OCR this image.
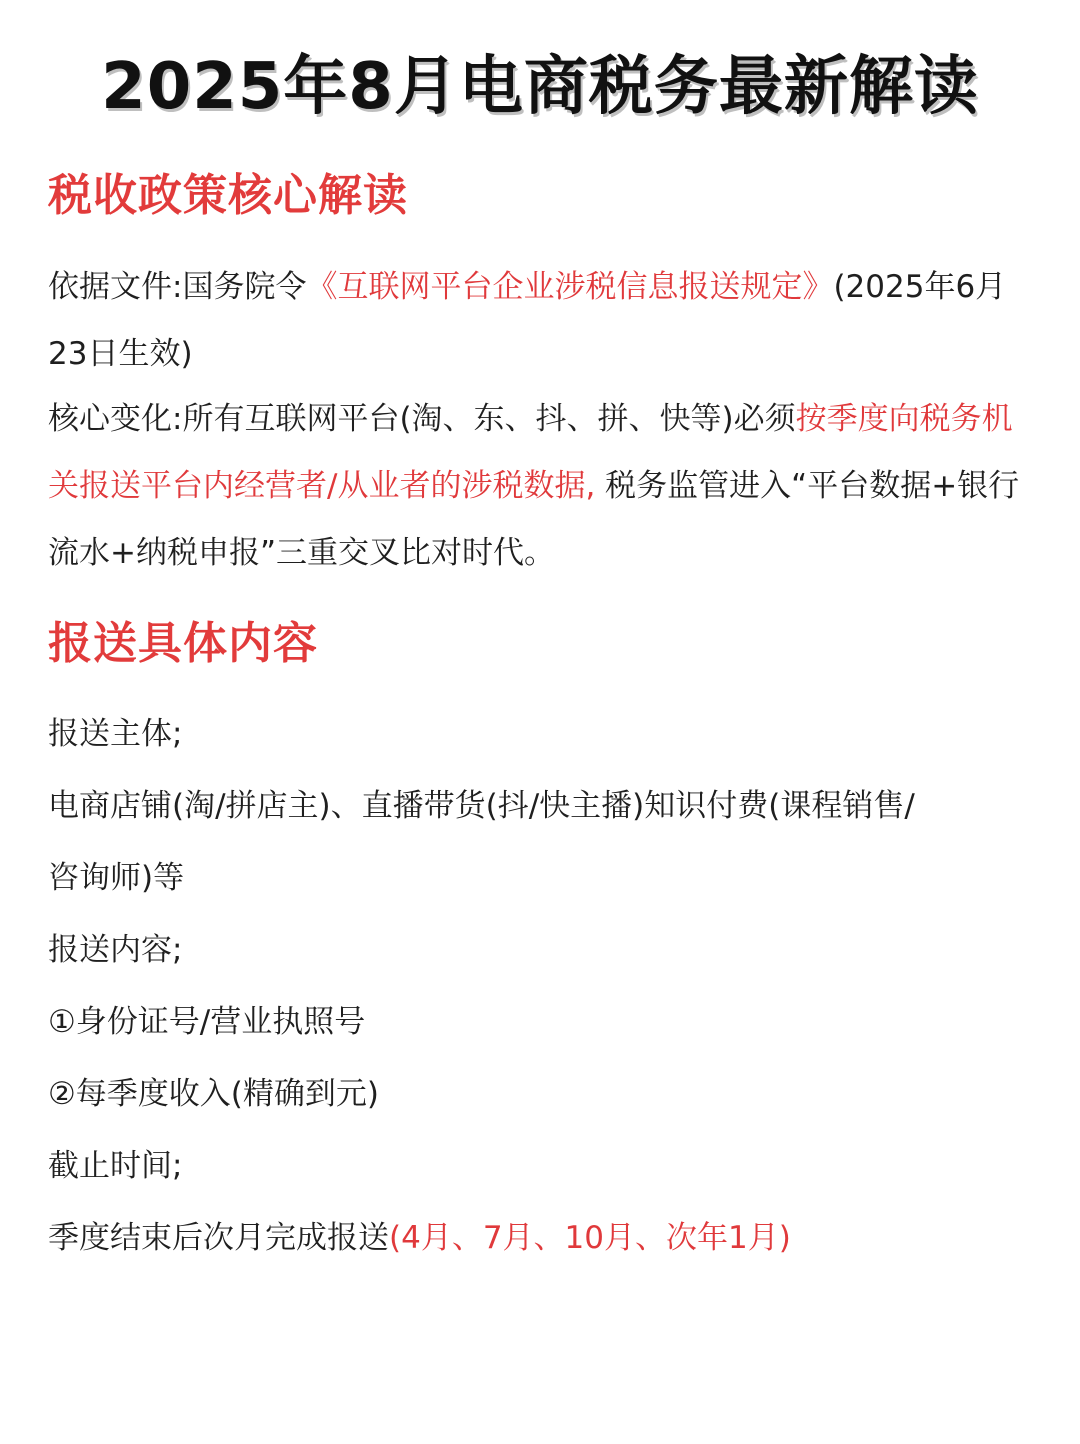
2025年8月电商税务最新解读
税收政策核心解读
依据文件:国务院令《互联网平台企业涉税信息报送规定》(2025年6月23日生效)
核心变化:所有互联网平台(淘、东、抖、拼、快等)必须按季度向税务机关报送平台内经营者/从业者的涉税数据, 税务监管进入“平台数据+银行流水+纳税申报”三重交叉比对时代。
报送具体内容
报送主体;
电商店铺(淘/拼店主)、直播带货(抖/快主播)知识付费(课程销售/
咨询师)等
报送内容;
①身份证号/营业执照号
②每季度收入(精确到元)
截止时间;
季度结束后次月完成报送(4月、7月、10月、次年1月)
